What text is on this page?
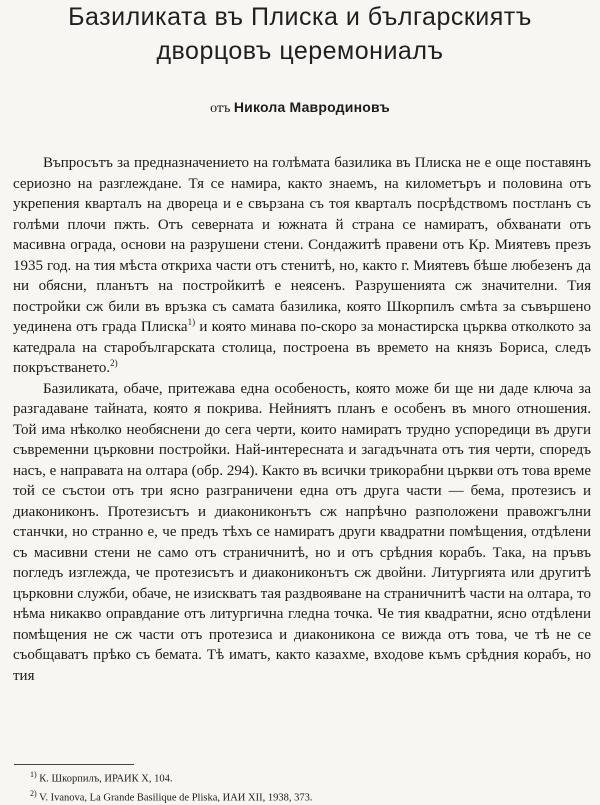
Базиликата въ Плиска и българскиятъ
дворцовъ церемониалъ
отъ Никола Мавродиновъ

Въпросътъ за предназначението на голѣмата базилика въ Плиска не е още поставянъ сериозно на разглеждане. Тя се намира, както знаемъ, на километъръ и половина отъ укрепения кварталъ на двореца и е свързана съ тоя кварталъ посрѣдствомъ постланъ съ голѣми плочи пжть. Отъ северната и южната й страна се намиратъ, обхванати отъ масивна ограда, основи на разрушени стени. Сондажитѣ правени отъ Кр. Миятевъ презъ 1935 год. на тия мѣста откриха части отъ стенитѣ, но, както г. Миятевъ бѣше любезенъ да ни обясни, планътъ на постройкитѣ е неясенъ. Разрушенията сж значителни. Тия постройки сж били въ връзка съ самата базилика, която Шкорпилъ смѣта за съвършено уединена отъ града Плиска$^{1)}$ и която минава по-скоро за монастирска църква отколкото за катедрала на старобългарската столица, построена въ времето на князъ Бориса, следъ покръстването.$^{2)}$

Базиликата, обаче, притежава една особеность, която може би ще ни даде ключа за разгадаване тайната, която я покрива. Нейниятъ планъ е особенъ въ много отношения. Той има нѣколко необяснени до сега черти, които намиратъ трудно успоредици въ други съвременни църковни постройки. Най-интересната и загадъчната отъ тия черти, споредъ насъ, е направата на олтара (обр. 294). Както въ всички трикорабни църкви отъ това време той се състои отъ три ясно разграничени една отъ друга части — бема, протезисъ и диакониконъ. Протезисътъ и диакониконътъ сж напрѣчно разположени правожгълни станчки, но странно е, че предъ тѣхъ се намиратъ други квадратни помѣщения, отдѣлени съ масивни стени не само отъ страничнитѣ, но и отъ срѣдния корабъ. Така, на пръвъ погледъ изглежда, че протезисътъ и диакониконътъ сж двойни. Литургията или другитѣ църковни служби, обаче, не изискватъ тая раздвояване на страничнитѣ части на олтара, то нѣма никакво оправдание отъ литургична гледна точка. Че тия квадратни, ясно отдѣлени помѣщения не сж части отъ протезиса и диаконикона се вижда отъ това, че тѣ не се съобщаватъ прѣко съ бемата. Тѣ иматъ, както казахме, входове къмъ срѣдния корабъ, но тия

$^{1)}$ К. Шкорпилъ, ИРАИК X, 104.
$^{2)}$ V. Ivanova, La Grande Basilique de Pliska, ИАИ XII, 1938, 373.
